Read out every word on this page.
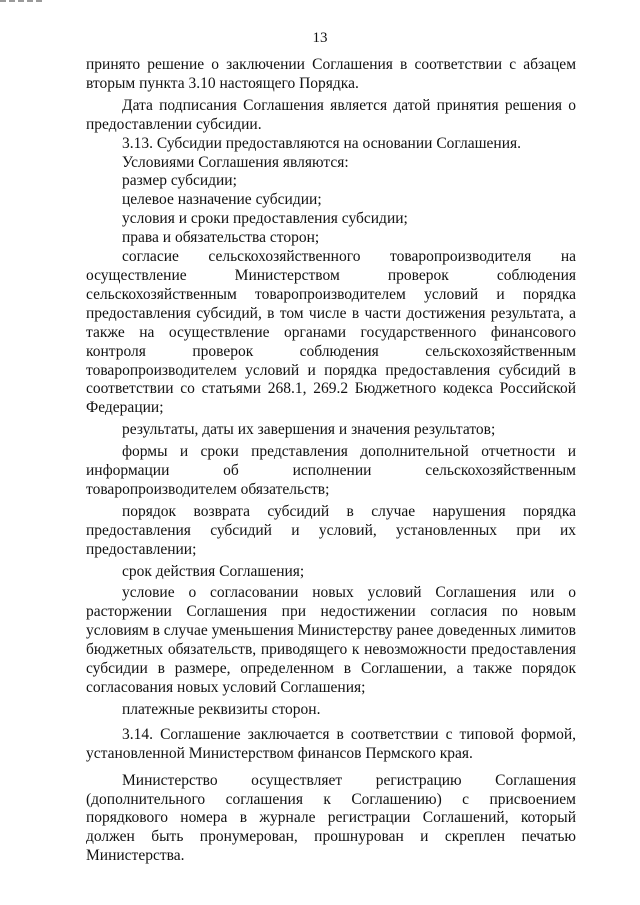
13

принято решение о заключении Соглашения в соответствии с абзацем вторым пункта 3.10 настоящего Порядка.

Дата подписания Соглашения является датой принятия решения о предоставлении субсидии.

3.13. Субсидии предоставляются на основании Соглашения.

Условиями Соглашения являются:

размер субсидии;

целевое назначение субсидии;

условия и сроки предоставления субсидии;

права и обязательства сторон;

согласие сельскохозяйственного товаропроизводителя на осуществление Министерством проверок соблюдения сельскохозяйственным товаропроизводителем условий и порядка предоставления субсидий, в том числе в части достижения результата, а также на осуществление органами государственного финансового контроля проверок соблюдения сельскохозяйственным товаропроизводителем условий и порядка предоставления субсидий в соответствии со статьями 268.1, 269.2 Бюджетного кодекса Российской Федерации;

результаты, даты их завершения и значения результатов;

формы и сроки представления дополнительной отчетности и информации об исполнении сельскохозяйственным товаропроизводителем обязательств;

порядок возврата субсидий в случае нарушения порядка предоставления субсидий и условий, установленных при их предоставлении;

срок действия Соглашения;

условие о согласовании новых условий Соглашения или о расторжении Соглашения при недостижении согласия по новым условиям в случае уменьшения Министерству ранее доведенных лимитов бюджетных обязательств, приводящего к невозможности предоставления субсидии в размере, определенном в Соглашении, а также порядок согласования новых условий Соглашения;

платежные реквизиты сторон.

3.14. Соглашение заключается в соответствии с типовой формой, установленной Министерством финансов Пермского края.

Министерство осуществляет регистрацию Соглашения (дополнительного соглашения к Соглашению) с присвоением порядкового номера в журнале регистрации Соглашений, который должен быть пронумерован, прошнурован и скреплен печатью Министерства.
